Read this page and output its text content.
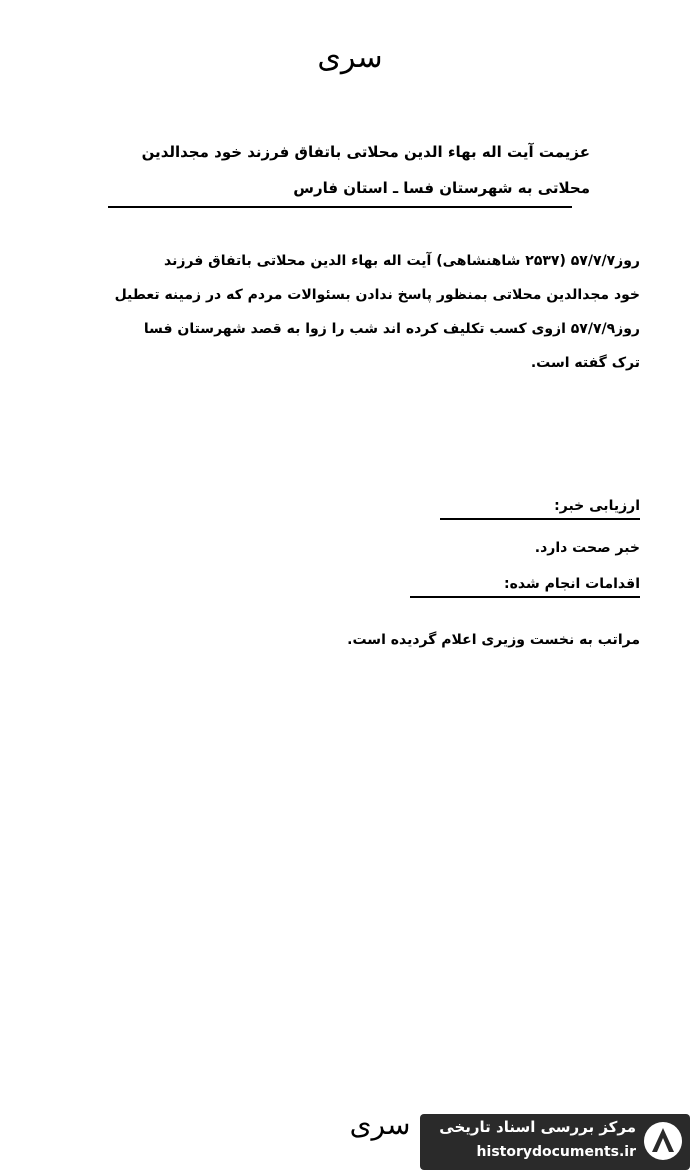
سری
عزیمت آیت اله بهاء الدین محلاتی باتفاق فرزند خود مجدالدین
محلاتی به شهرستان فسا ـ استان فارس
روز۵۷/۷/۷ (۲۵۳۷ شاهنشاهی) آیت اله بهاء الدین محلاتی باتفاق فرزند
خود مجدالدین محلاتی بمنظور پاسخ ندادن بسئوالات مردم که در زمینه تعطیل
روز۵۷/۷/۹ ازوی کسب تکلیف کرده اند شب را زوا به قصد شهرستان فسا
ترک گفته است.
ارزیابی خبر:
خبر صحت دارد.
اقدامات انجام شده:
مراتب به نخست وزیری اعلام گردیده است.
سری	مرکز بررسی اسناد تاریخی
historydocuments.ir
